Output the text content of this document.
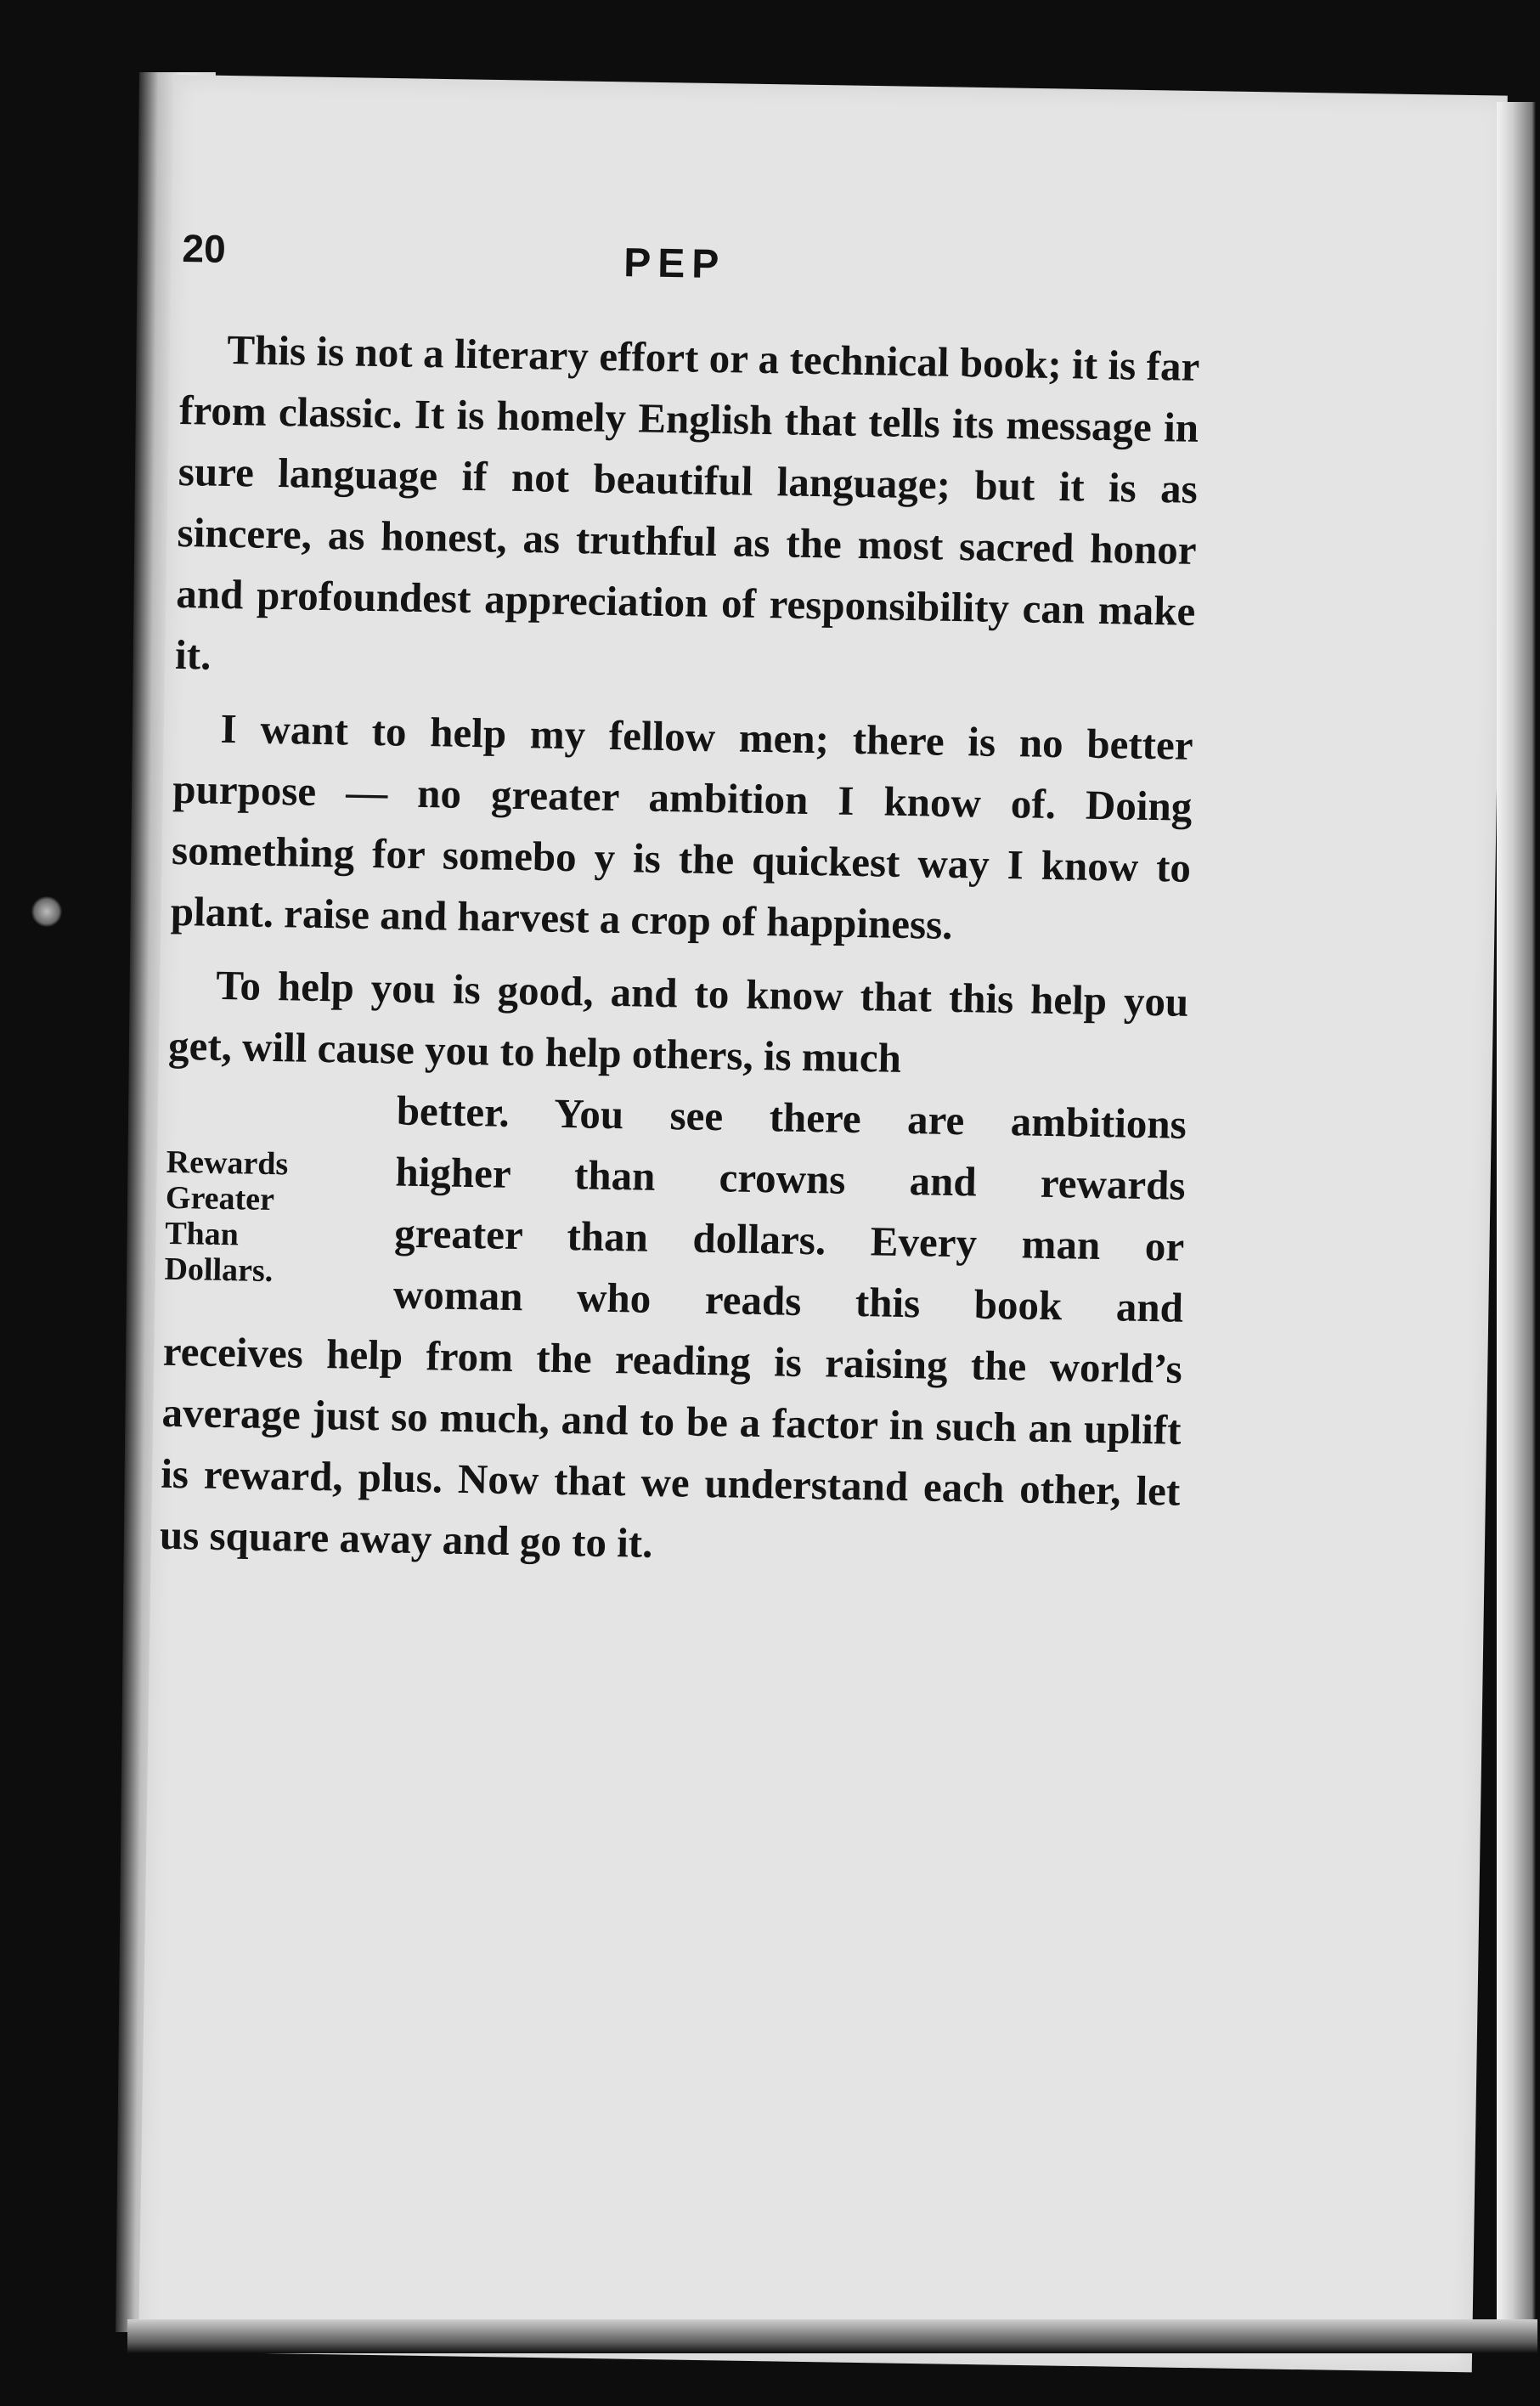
20	PEP

This is not a literary effort or a technical book; it is far from classic. It is homely English that tells its message in sure language if not beautiful language; but it is as sincere, as honest, as truthful as the most sacred honor and profoundest appreciation of responsibility can make it.

I want to help my fellow men; there is no better purpose — no greater ambition I know of. Doing something for somebo y is the quickest way I know to plant. raise and harvest a crop of happiness.

To help you is good, and to know that this help you get, will cause you to help others, is much

Rewards
Greater
Than
Dollars.
better. You see there are ambitions
higher than crowns and rewards
greater than dollars. Every man or
woman who reads this book and

receives help from the reading is raising the world’s average just so much, and to be a factor in such an uplift is reward, plus. Now that we understand each other, let us square away and go to it.
